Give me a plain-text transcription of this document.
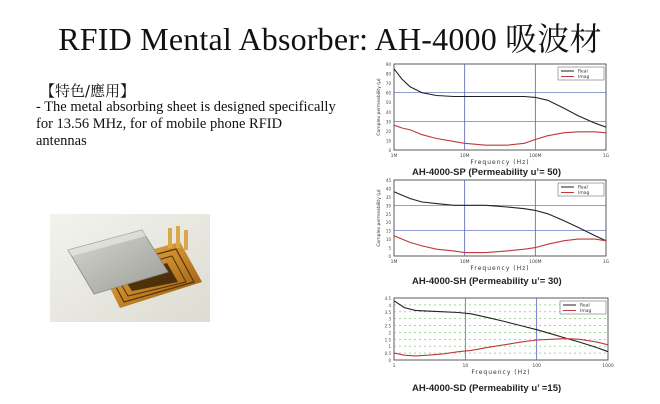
RFID Mental Absorber: AH-4000 吸波材
【特色/應用】
- The metal absorbing sheet is designed specifically for 13.56 MHz, for of mobile phone RFID antennas
0
10
20
30
40
50
60
70
80
90
1M	10M	100M	1G
Frequency (Hz)
Complex permeability (μ)
Real
Imag
AH-4000-SP (Permeability u’= 50)
0
5
10
15
20
25
30
35
40
45
1M	10M	100M	1G
Frequency (Hz)
Complex permeability (μ)
Real
Imag
AH-4000-SH (Permeability u’= 30)
0
0.5
1
1.5
2
2.5
3
3.5
4
4.5
1	10	100	1000
Frequency (Hz)
Real
Imag
AH-4000-SD (Permeability u’ =15)
